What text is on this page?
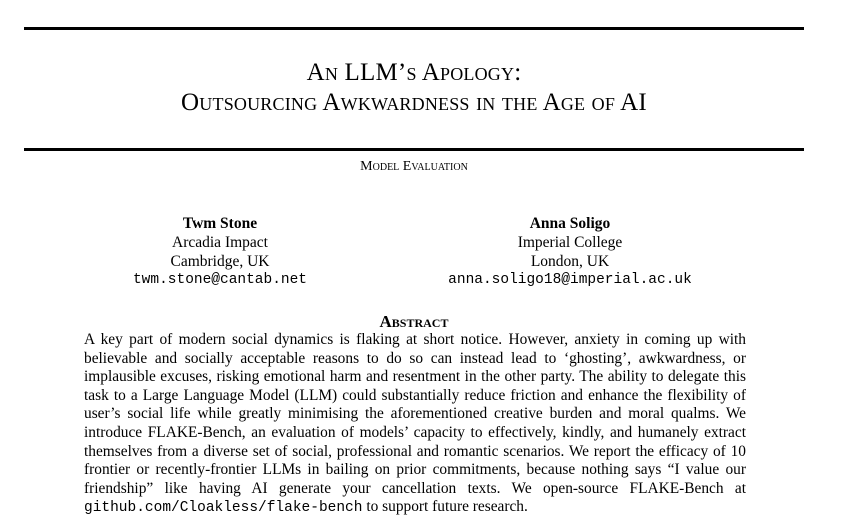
An LLM’s Apology:
Outsourcing Awkwardness in the Age of AI
Model Evaluation
Twm Stone
Arcadia Impact
Cambridge, UK
twm.stone@cantab.net
Anna Soligo
Imperial College
London, UK
anna.soligo18@imperial.ac.uk
Abstract
A key part of modern social dynamics is flaking at short notice. However, anxiety in coming up with believable and socially acceptable reasons to do so can instead lead to ‘ghosting’, awkwardness, or implausible excuses, risking emotional harm and resentment in the other party. The ability to delegate this task to a Large Language Model (LLM) could substantially reduce friction and enhance the flexibility of user’s social life while greatly minimising the aforementioned creative burden and moral qualms. We introduce FLAKE-Bench, an evaluation of models’ capacity to effectively, kindly, and humanely extract themselves from a diverse set of social, professional and romantic scenarios. We report the efficacy of 10 frontier or recently-frontier LLMs in bailing on prior commitments, because nothing says “I value our friendship” like having AI generate your cancellation texts. We open-source FLAKE-Bench at github.com/Cloakless/flake-bench to support future research.
